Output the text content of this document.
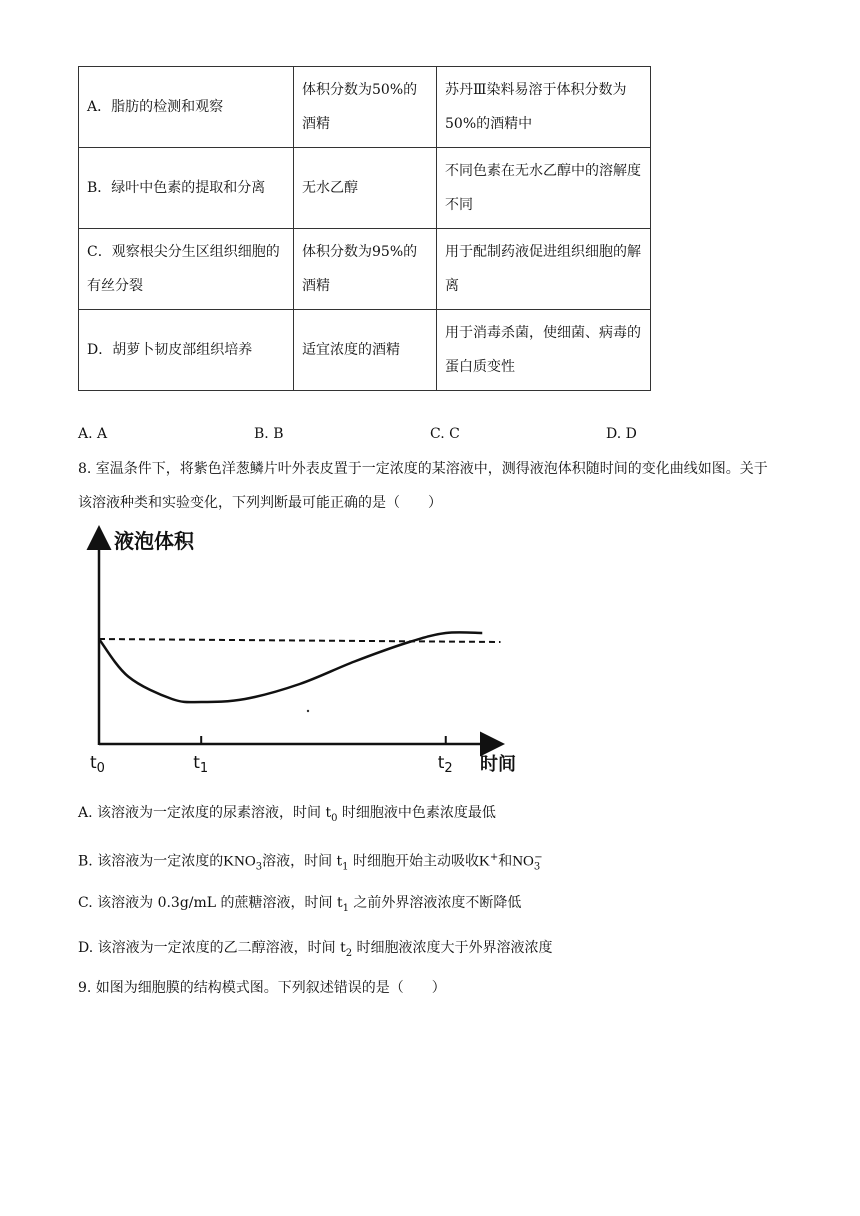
A．脂肪的检测和观察	体积分数为50%的酒精	苏丹Ⅲ染料易溶于体积分数为50%的酒精中
B．绿叶中色素的提取和分离	无水乙醇	不同色素在无水乙醇中的溶解度不同
C．观察根尖分生区组织细胞的有丝分裂	体积分数为95%的酒精	用于配制药液促进组织细胞的解离
D．胡萝卜韧皮部组织培养	适宜浓度的酒精	用于消毒杀菌，使细菌、病毒的蛋白质变性
A. A	B. B	C. C	D. D
8. 室温条件下，将紫色洋葱鳞片叶外表皮置于一定浓度的某溶液中，测得液泡体积随时间的变化曲线如图。关于该溶液种类和实验变化，下列判断最可能正确的是（　　）
液泡体积
时间
$t_0$	$t_1$	$t_2$
A. 该溶液为一定浓度的尿素溶液，时间 $t_0$ 时细胞液中色素浓度最低
B. 该溶液为一定浓度的$KNO_3$溶液，时间 $t_1$ 时细胞开始主动吸收K+和$NO_3^-$
C. 该溶液为 0.3g/mL 的蔗糖溶液，时间 $t_1$ 之前外界溶液浓度不断降低
D. 该溶液为一定浓度的乙二醇溶液，时间 $t_2$ 时细胞液浓度大于外界溶液浓度
9. 如图为细胞膜的结构模式图。下列叙述错误的是（　　）
